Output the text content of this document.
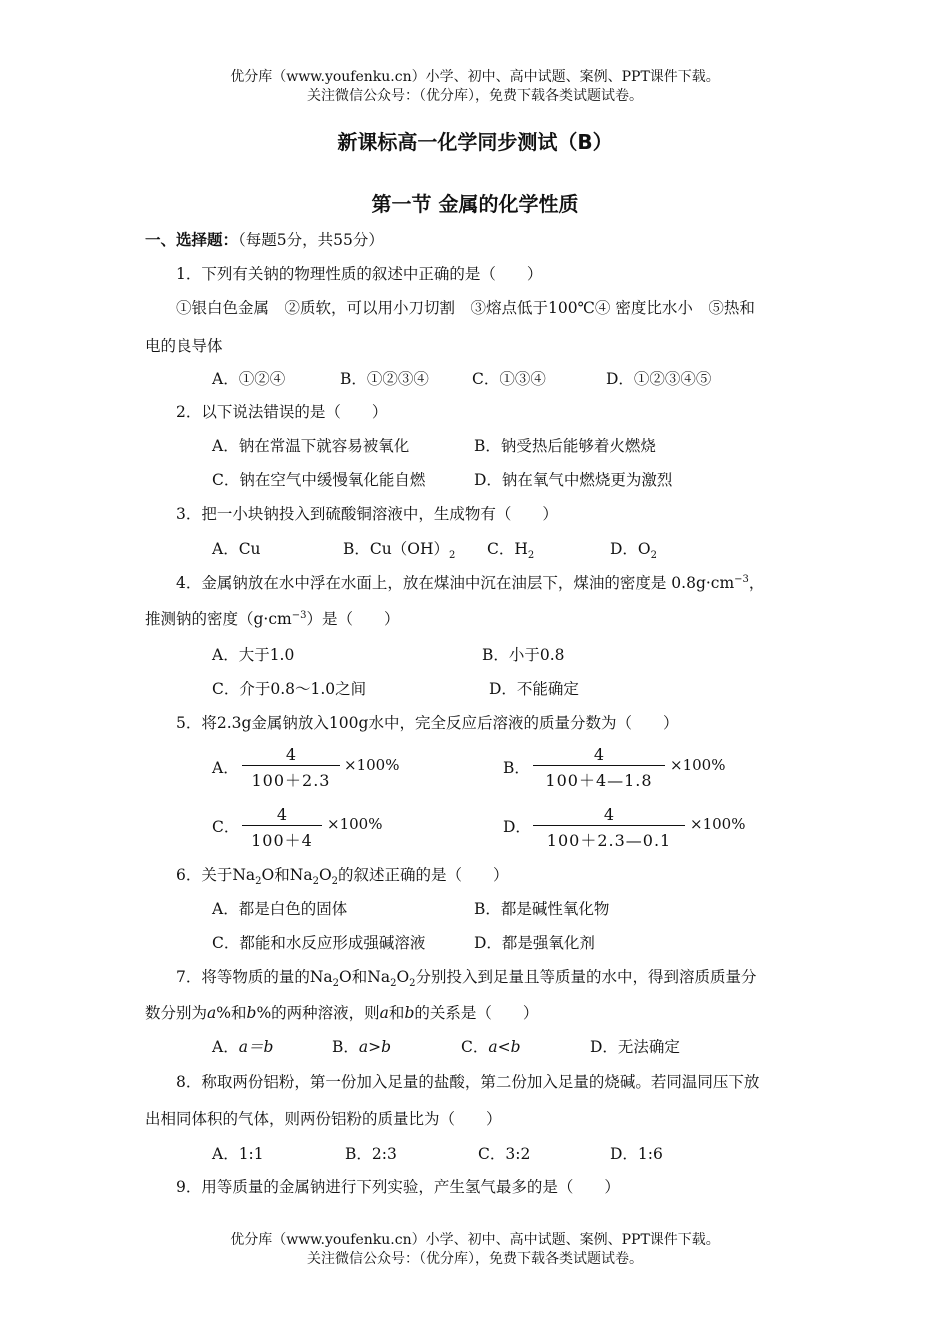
优分库（www.youfenku.cn）小学、初中、高中试题、案例、PPT课件下载。
关注微信公众号：（优分库），免费下载各类试题试卷。
新课标高一化学同步测试（B）
第一节 金属的化学性质
一、选择题：（每题5分，共55分）
1．下列有关钠的物理性质的叙述中正确的是（　　）
①银白色金属　②质软，可以用小刀切割　③熔点低于100℃④ 密度比水小　⑤热和
电的良导体
A．①②④	B．①②③④	C．①③④	D．①②③④⑤
2．以下说法错误的是（　　）
A．钠在常温下就容易被氧化	B．钠受热后能够着火燃烧
C．钠在空气中缓慢氧化能自燃	D．钠在氧气中燃烧更为激烈
3．把一小块钠投入到硫酸铜溶液中，生成物有（　　）
A．Cu	B．$Cu(OH)_2$ C．$H_2$	D．$O_2$
4．金属钠放在水中浮在水面上，放在煤油中沉在油层下，煤油的密度是 $0.8g\cdot cm^{-3}$，
推测钠的密度$(g\cdot cm^{-3})$是（　　）
A．大于1.0	B．小于0.8
C．介于0.8～1.0之间	D．不能确定
5．将2.3g金属钠放入100g水中，完全反应后溶液的质量分数为（　　）
A．
4
100＋2.3
×100%	B．
4
100＋4—1.8
×100%
C．
4
100＋4
×100%	D．
4
100＋2.3—0.1
×100%
6．关于$Na_2O$和$Na_2O_2$的叙述正确的是（　　）
A．都是白色的固体	B．都是碱性氧化物
C．都能和水反应形成强碱溶液	D．都是强氧化剂
7．将等物质的量的$Na_2O$和$Na_2O_2$分别投入到足量且等质量的水中，得到溶质质量分
数分别为a%和b%的两种溶液，则a和b的关系是（　　）
A．a＝b	B．a>b	C．a<b	D．无法确定
8．称取两份铝粉，第一份加入足量的盐酸，第二份加入足量的烧碱。若同温同压下放
出相同体积的气体，则两份铝粉的质量比为（　　）
A．1:1	B．2:3	C．3:2	D．1:6
9．用等质量的金属钠进行下列实验，产生氢气最多的是（　　）
优分库（www.youfenku.cn）小学、初中、高中试题、案例、PPT课件下载。
关注微信公众号：（优分库），免费下载各类试题试卷。
